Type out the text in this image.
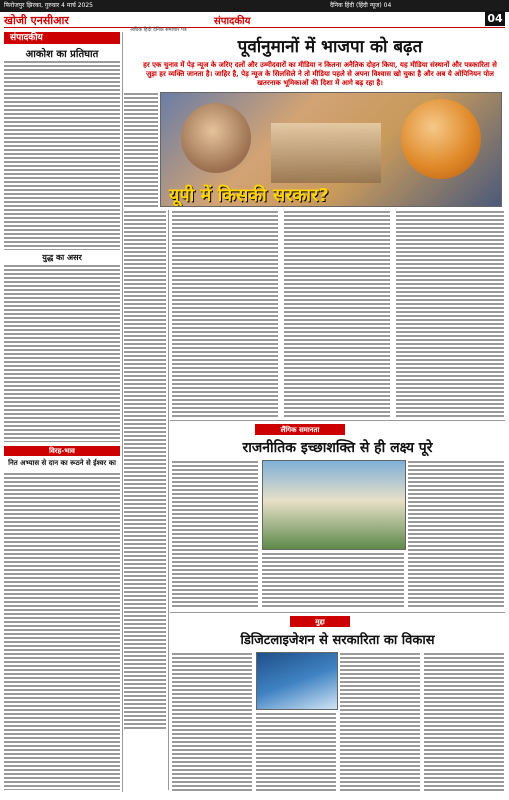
फिरोजपुर झिरका, गुरुवार 4 मार्च 2025	दैनिक हिंदी (हिंदी न्यूज) 04
खोजी एनसीआर	संपादकीय	04
अधिक हिंदी दैनिक समाचार पत्र
संपादकीय
आकोश का प्रतिघात
युद्ध का असर
विरह-भाव
नित अभ्यास से दान का रूठने से ईश्वर का
पूर्वानुमानों में भाजपा को बढ़त
हर एक चुनाव में पेड़ न्यूज के जरिए दलों और उम्मीदवारों का मीडिया न कितना अनैतिक दोहन किया, यह मीडिया संस्थानों और पत्रकारिता से जुड़ा हर व्यक्ति जानता है। जाहिर है, पेड़ न्यूज के सिलसिले ने तो मीडिया पहले से अपना विश्वास खो चुका है और अब ये ओपिनियन पोल खतरनाक भूमिकाओं की दिशा में आगे बढ़ रहा है।
यूपी में किसकी सरकार?
लैंगिक समानता
राजनीतिक इच्छाशक्ति से ही लक्ष्य पूरे
मुद्दा
डिजिटलाइजेशन से सरकारिता का विकास
